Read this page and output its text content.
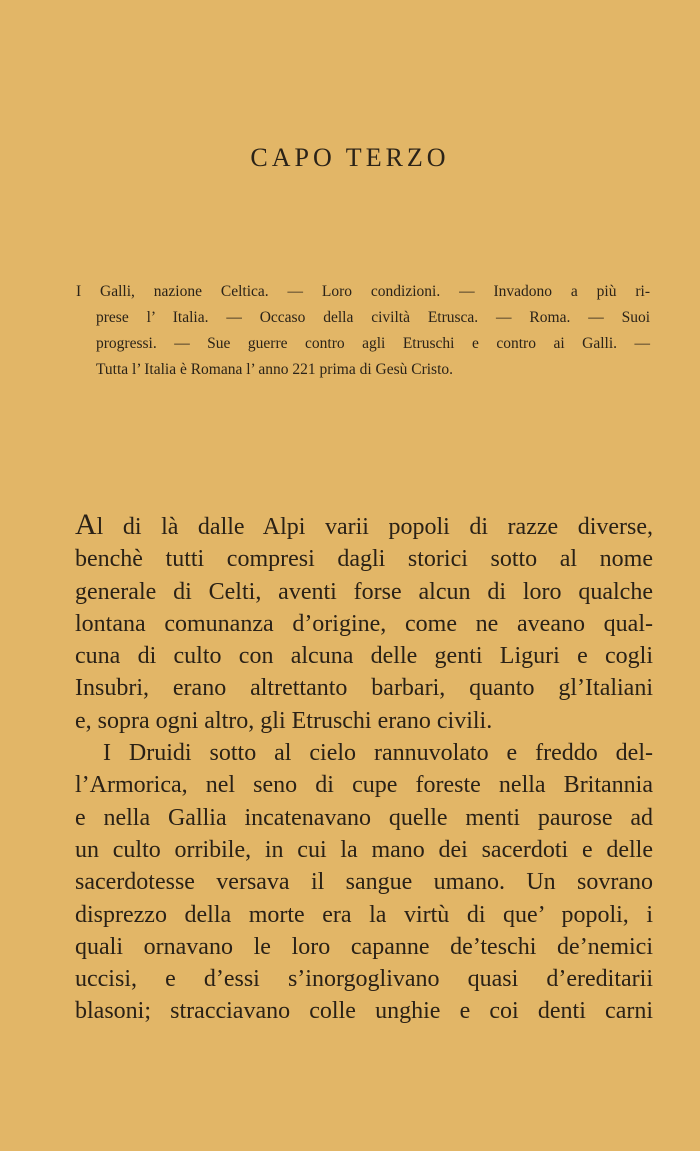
CAPO TERZO
I Galli, nazione Celtica. — Loro condizioni. — Invadono a più ri-
prese l’ Italia. — Occaso della civiltà Etrusca. — Roma. — Suoi
progressi. — Sue guerre contro agli Etruschi e contro ai Galli. —
Tutta l’ Italia è Romana l’ anno 221 prima di Gesù Cristo.
Al di là dalle Alpi varii popoli di razze diverse,
benchè tutti compresi dagli storici sotto al nome
generale di Celti, aventi forse alcun di loro qualche
lontana comunanza d’origine, come ne aveano qual-
cuna di culto con alcuna delle genti Liguri e cogli
Insubri, erano altrettanto barbari, quanto gl’Italiani
e, sopra ogni altro, gli Etruschi erano civili.
I Druidi sotto al cielo rannuvolato e freddo del-
l’Armorica, nel seno di cupe foreste nella Britannia
e nella Gallia incatenavano quelle menti paurose ad
un culto orribile, in cui la mano dei sacerdoti e delle
sacerdotesse versava il sangue umano. Un sovrano
disprezzo della morte era la virtù di que’ popoli, i
quali ornavano le loro capanne de’teschi de’nemici
uccisi, e d’essi s’inorgoglivano quasi d’ereditarii
blasoni; stracciavano colle unghie e coi denti carni
